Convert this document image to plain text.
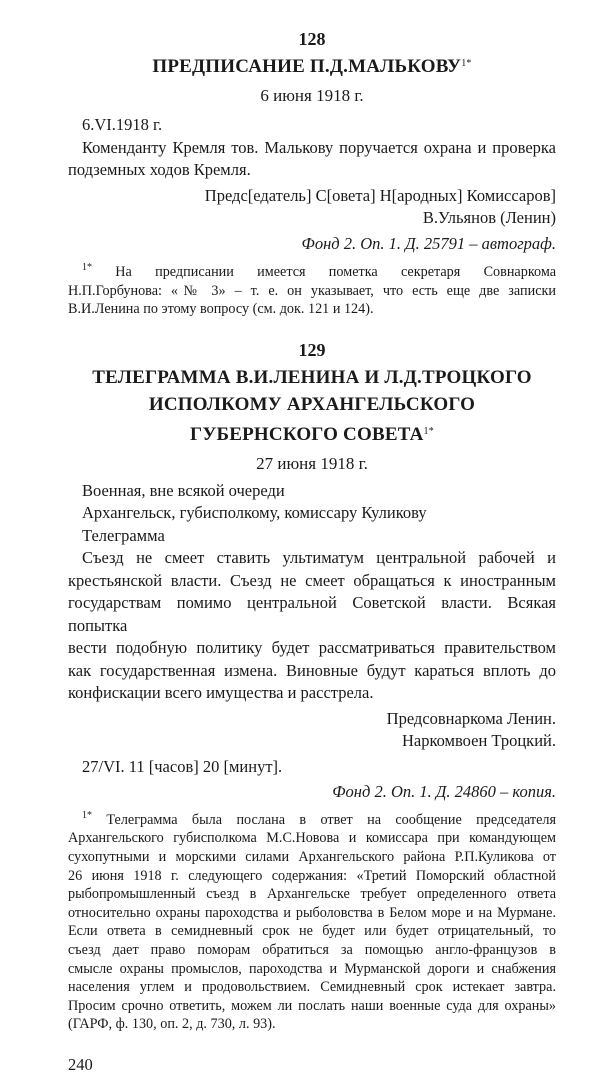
128
ПРЕДПИСАНИЕ $П.Д.МАЛЬКОВУ^{1*}$
6 июня 1918 г.
6.VI.1918 г.
Коменданту Кремля тов. Малькову поручается охрана и проверка
подземных ходов Кремля.
Предс[едатель] С[овета] Н[ародных] Комиссаров]
В.Ульянов (Ленин)
Фонд 2. Оп. 1. Д. 25791 – автограф.
$^{1*}$ На предписании имеется пометка секретаря Совнаркома
Н.П.Горбунова: «№ 3» – т. е. он указывает, что есть еще две записки
В.И.Ленина по этому вопросу (см. док. 121 и 124).
129
ТЕЛЕГРАММА В.И.ЛЕНИНА И Л.Д.ТРОЦКОГО
ИСПОЛКОМУ АРХАНГЕЛЬСКОГО
ГУБЕРНСКОГО $СОВЕТА^{1*}$
27 июня 1918 г.
Военная, вне всякой очереди
Архангельск, губисполкому, комиссару Куликову
Телеграмма
Съезд не смеет ставить ультиматум центральной рабочей и
крестьянской власти. Съезд не смеет обращаться к иностранным
государствам помимо центральной Советской власти. Всякая попытка
вести подобную политику будет рассматриваться правительством
как государственная измена. Виновные будут караться вплоть до
конфискации всего имущества и расстрела.
Предсовнаркома Ленин.
Наркомвоен Троцкий.
27/VI. 11 [часов] 20 [минут].
Фонд 2. Оп. 1. Д. 24860 – копия.
$^{1*}$ Телеграмма была послана в ответ на сообщение председателя
Архангельского губисполкома М.С.Новова и комиссара при командующем
сухопутными и морскими силами Архангельского района Р.П.Куликова от
26 июня 1918 г. следующего содержания: «Третий Поморский областной
рыбопромышленный съезд в Архангельске требует определенного ответа
относительно охраны пароходства и рыболовства в Белом море и на Мурмане.
Если ответа в семидневный срок не будет или будет отрицательный, то
съезд дает право поморам обратиться за помощью англо-французов в
смысле охраны промыслов, пароходства и Мурманской дороги и снабжения
населения углем и продовольствием. Семидневный срок истекает завтра.
Просим срочно ответить, можем ли послать наши военные суда для охраны»
(ГАРФ, ф. 130, оп. 2, д. 730, л. 93).
240
